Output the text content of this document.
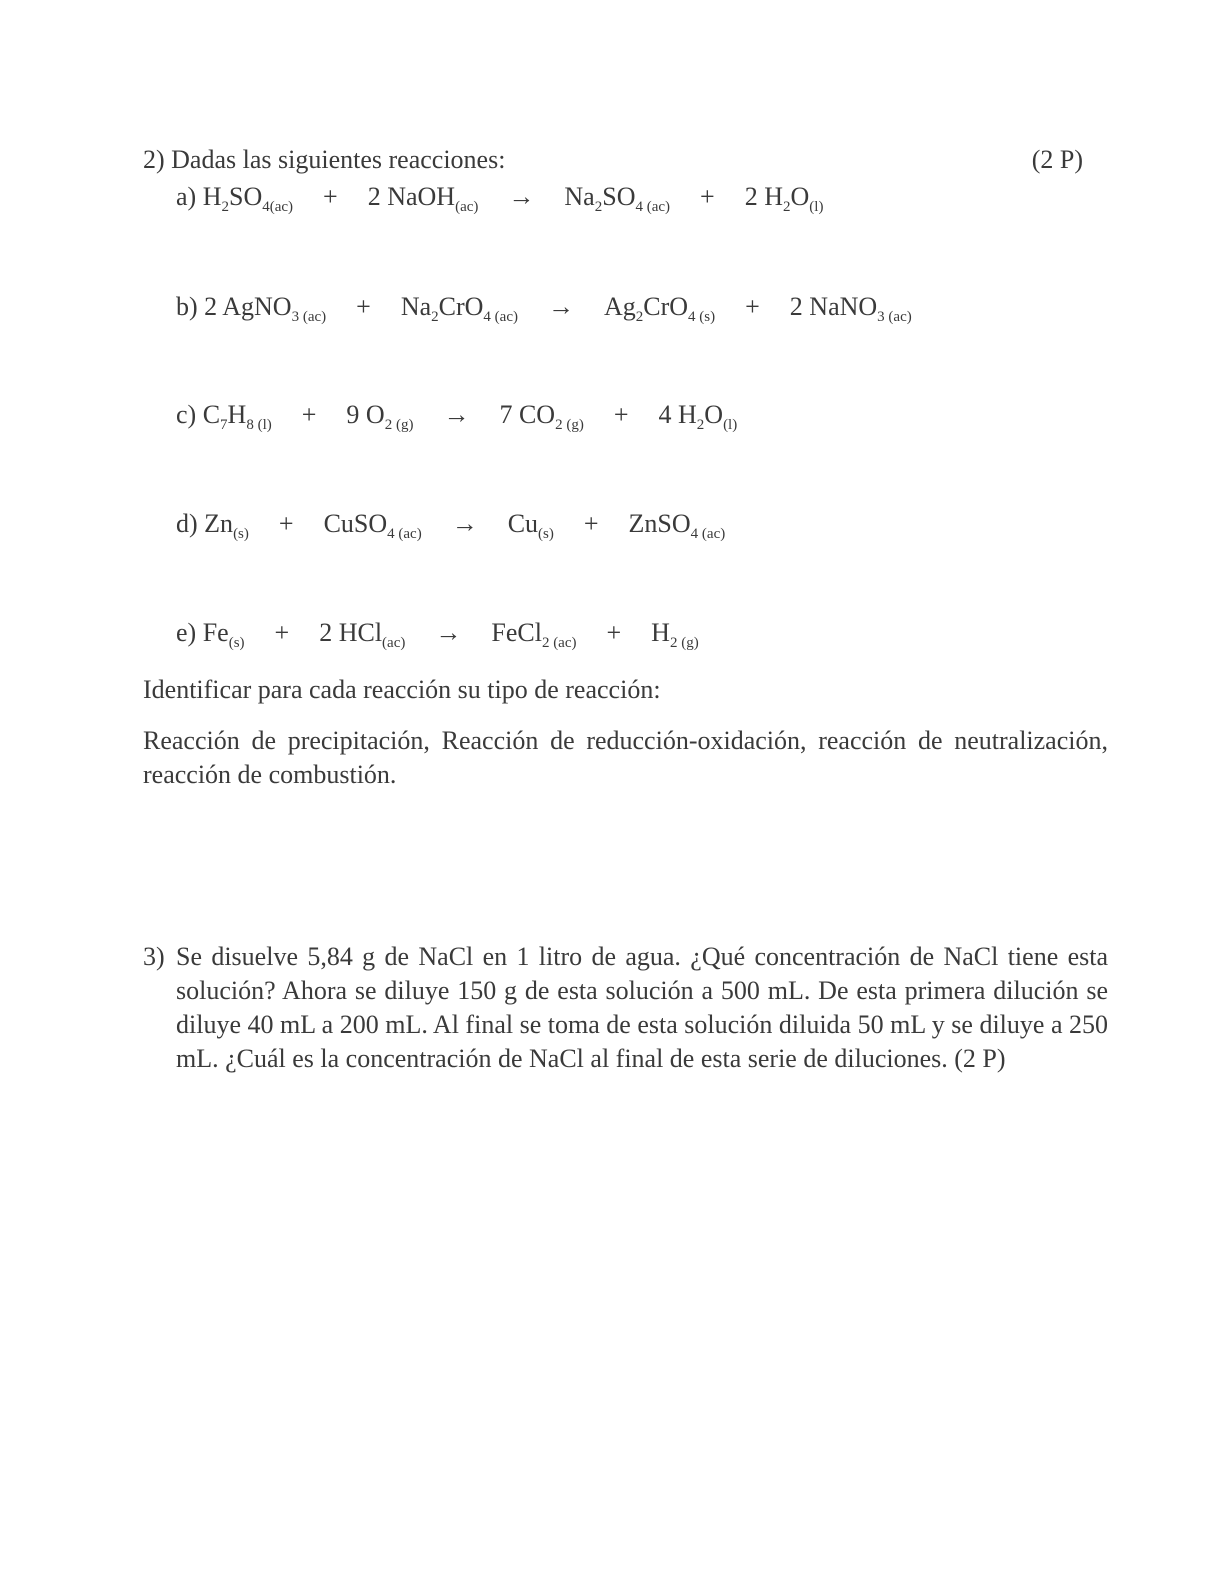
2) Dadas las siguientes reacciones:	(2 P)
a) $H_2SO_{4(ac)} + 2$ NaOH$_{(ac)}$ → $Na_2SO_{4 (ac)} + 2$ $H_2O_{(l)}$
b) 2 AgNO$_{3 (ac)}$ + $Na_2CrO_{4 (ac)} \to Ag_2CrO_{4 (s)} + 2$ NaNO$_{3 (ac)}$
c) $C_7H_{8 (l)} + 9$ $O_{2 (g)} \to 7$ $CO_{2 (g)} + 4$ $H_2O_{(l)}$
d) $Zn_{(s)}$ + CuSO$_{4 (ac)}$ → $Cu_{(s)}$ + ZnSO$_{4 (ac)}$
e) $Fe_{(s)} + 2$ HCl$_{(ac)}$ → FeCl$_{2 (ac)}$ + $H_{2 (g)}$
Identificar para cada reacción su tipo de reacción:
Reacción de precipitación, Reacción de reducción-oxidación, reacción de neutralización, reacción de combustión.
3) Se disuelve 5,84 g de NaCl en 1 litro de agua. ¿Qué concentración de NaCl tiene esta solución? Ahora se diluye 150 g de esta solución a 500 mL. De esta primera dilución se diluye 40 mL a 200 mL. Al final se toma de esta solución diluida 50 mL y se diluye a 250 mL. ¿Cuál es la concentración de NaCl al final de esta serie de diluciones. (2 P)
